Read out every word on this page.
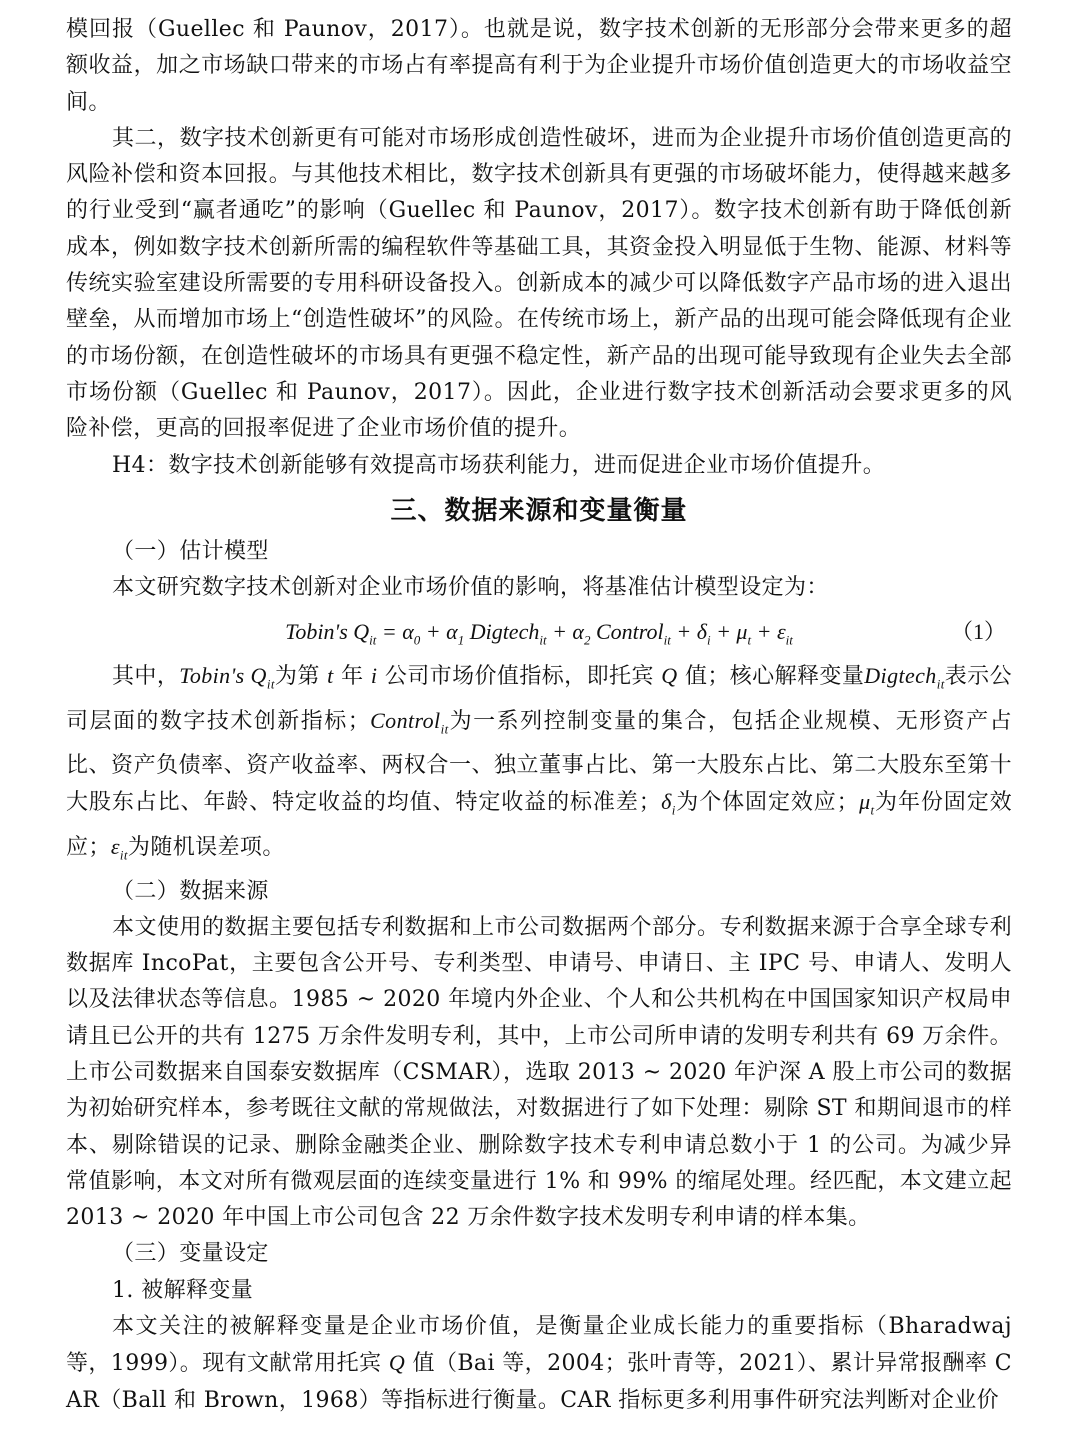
模回报（Guellec 和 Paunov，2017）。也就是说，数字技术创新的无形部分会带来更多的超额收益，加之市场缺口带来的市场占有率提高有利于为企业提升市场价值创造更大的市场收益空间。

其二，数字技术创新更有可能对市场形成创造性破坏，进而为企业提升市场价值创造更高的风险补偿和资本回报。与其他技术相比，数字技术创新具有更强的市场破坏能力，使得越来越多的行业受到“赢者通吃”的影响（Guellec 和 Paunov，2017）。数字技术创新有助于降低创新成本，例如数字技术创新所需的编程软件等基础工具，其资金投入明显低于生物、能源、材料等传统实验室建设所需要的专用科研设备投入。创新成本的减少可以降低数字产品市场的进入退出壁垒，从而增加市场上“创造性破坏”的风险。在传统市场上，新产品的出现可能会降低现有企业的市场份额，在创造性破坏的市场具有更强不稳定性，新产品的出现可能导致现有企业失去全部市场份额（Guellec 和 Paunov，2017）。因此，企业进行数字技术创新活动会要求更多的风险补偿，更高的回报率促进了企业市场价值的提升。

H4：数字技术创新能够有效提高市场获利能力，进而促进企业市场价值提升。

三、数据来源和变量衡量

（一）估计模型

本文研究数字技术创新对企业市场价值的影响，将基准估计模型设定为：

Tobin's $Q_{it} = \alpha_0 + \alpha_1$ Digtech$_{it}$ + $\alpha_2$ Control$_{it}$ + $\delta_i + \mu_t + \varepsilon_{it}$	（1）

其中，Tobin's $Q_{it}$为第 t 年 i 公司市场价值指标，即托宾 Q 值；核心解释变量Digtech$_{it}$表示公司层面的数字技术创新指标；Control$_{it}$为一系列控制变量的集合，包括企业规模、无形资产占比、资产负债率、资产收益率、两权合一、独立董事占比、第一大股东占比、第二大股东至第十大股东占比、年龄、特定收益的均值、特定收益的标准差；$\delta_i$为个体固定效应；$\mu_t$为年份固定效应；$\varepsilon_{it}$为随机误差项。

（二）数据来源

本文使用的数据主要包括专利数据和上市公司数据两个部分。专利数据来源于合享全球专利数据库 IncoPat，主要包含公开号、专利类型、申请号、申请日、主 IPC 号、申请人、发明人以及法律状态等信息。1985 ~ 2020 年境内外企业、个人和公共机构在中国国家知识产权局申请且已公开的共有 1275 万余件发明专利，其中，上市公司所申请的发明专利共有 69 万余件。上市公司数据来自国泰安数据库（CSMAR），选取 2013 ~ 2020 年沪深 A 股上市公司的数据为初始研究样本，参考既往文献的常规做法，对数据进行了如下处理：剔除 ST 和期间退市的样本、剔除错误的记录、删除金融类企业、删除数字技术专利申请总数小于 1 的公司。为减少异常值影响，本文对所有微观层面的连续变量进行 1% 和 99% 的缩尾处理。经匹配，本文建立起 2013 ~ 2020 年中国上市公司包含 22 万余件数字技术发明专利申请的样本集。

（三）变量设定

1. 被解释变量

本文关注的被解释变量是企业市场价值，是衡量企业成长能力的重要指标（Bharadwaj 等，1999）。现有文献常用托宾 Q 值（Bai 等，2004；张叶青等，2021）、累计异常报酬率 CAR（Ball 和 Brown，1968）等指标进行衡量。CAR 指标更多利用事件研究法判断对企业价
